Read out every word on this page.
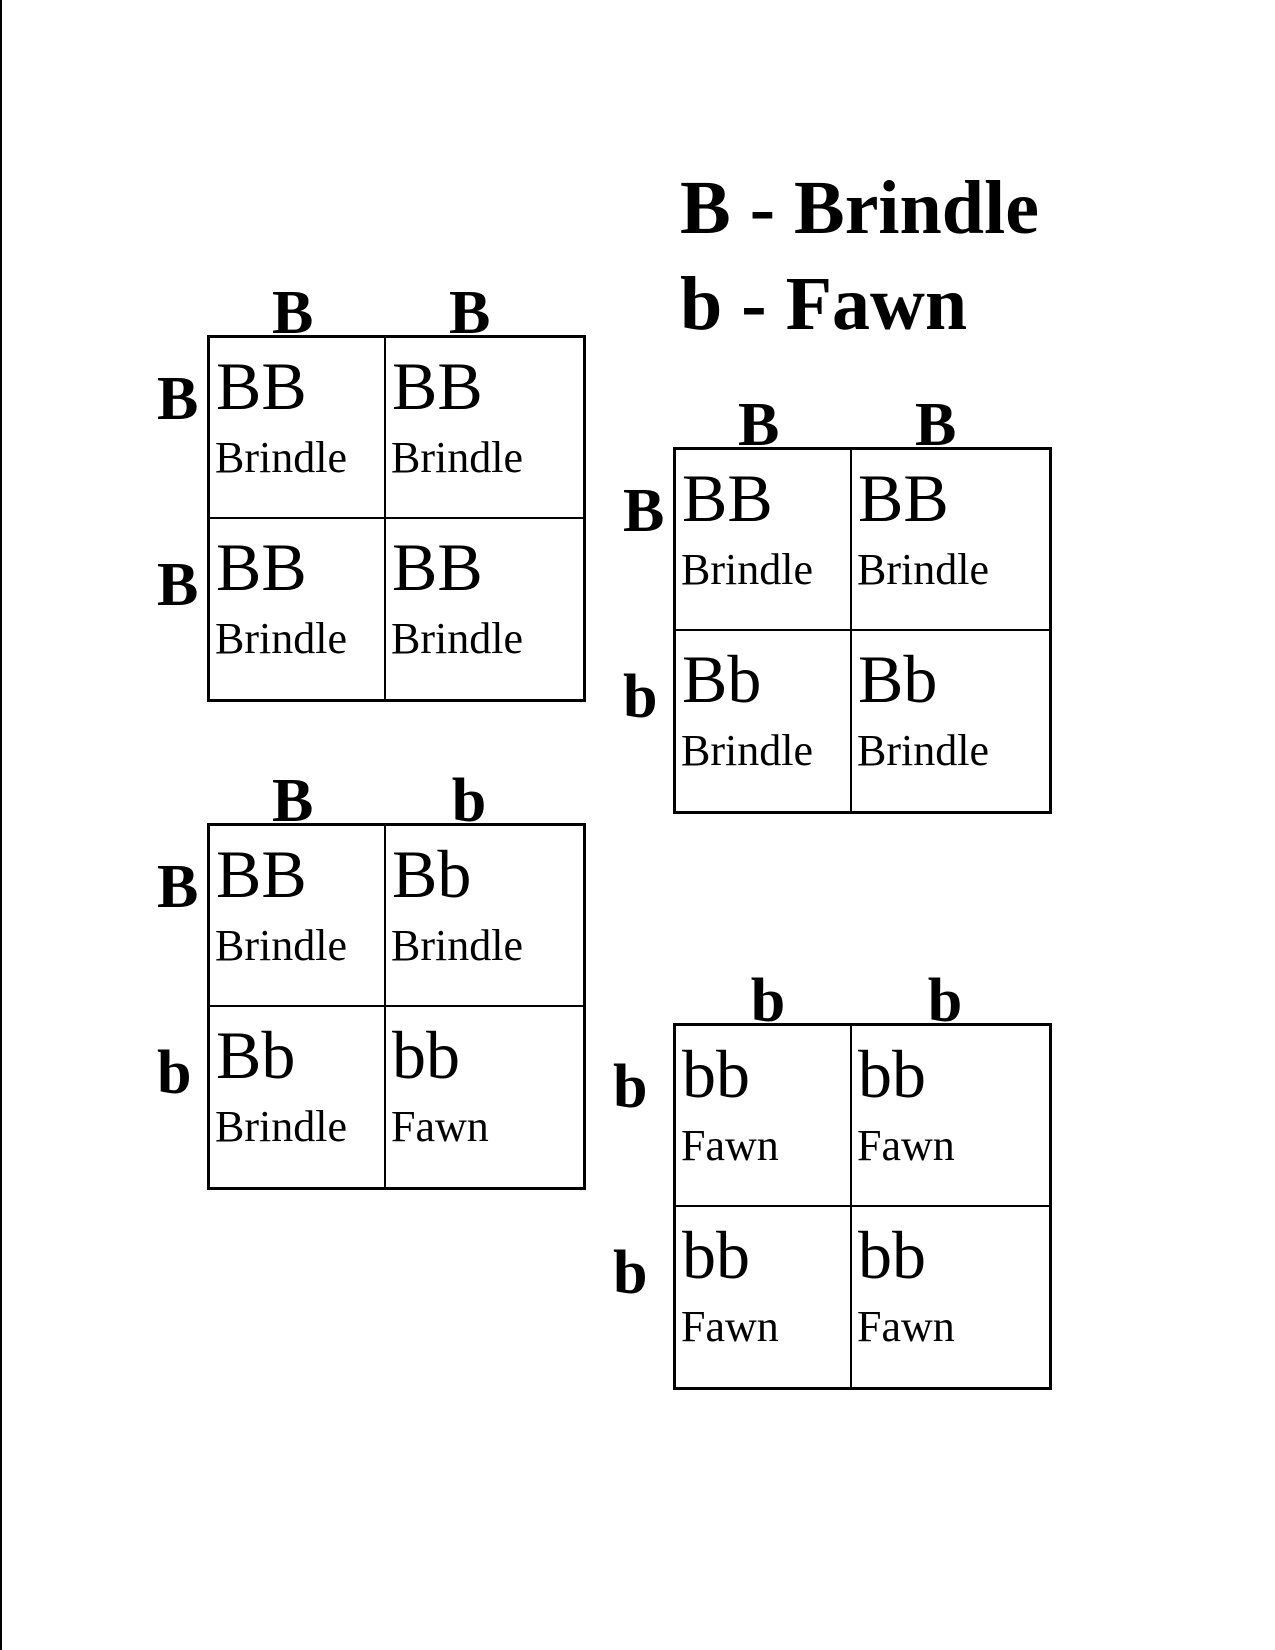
B - Brindle
b - Fawn
B B
B
B
BB
Brindle
BB
Brindle
BB
Brindle
BB
Brindle
B B
B
b
BB
Brindle
BB
Brindle
Bb
Brindle
Bb
Brindle
B b
B
b
BB
Brindle
Bb
Brindle
Bb
Brindle
bb
Fawn
b b
b
b
bb
Fawn
bb
Fawn
bb
Fawn
bb
Fawn
